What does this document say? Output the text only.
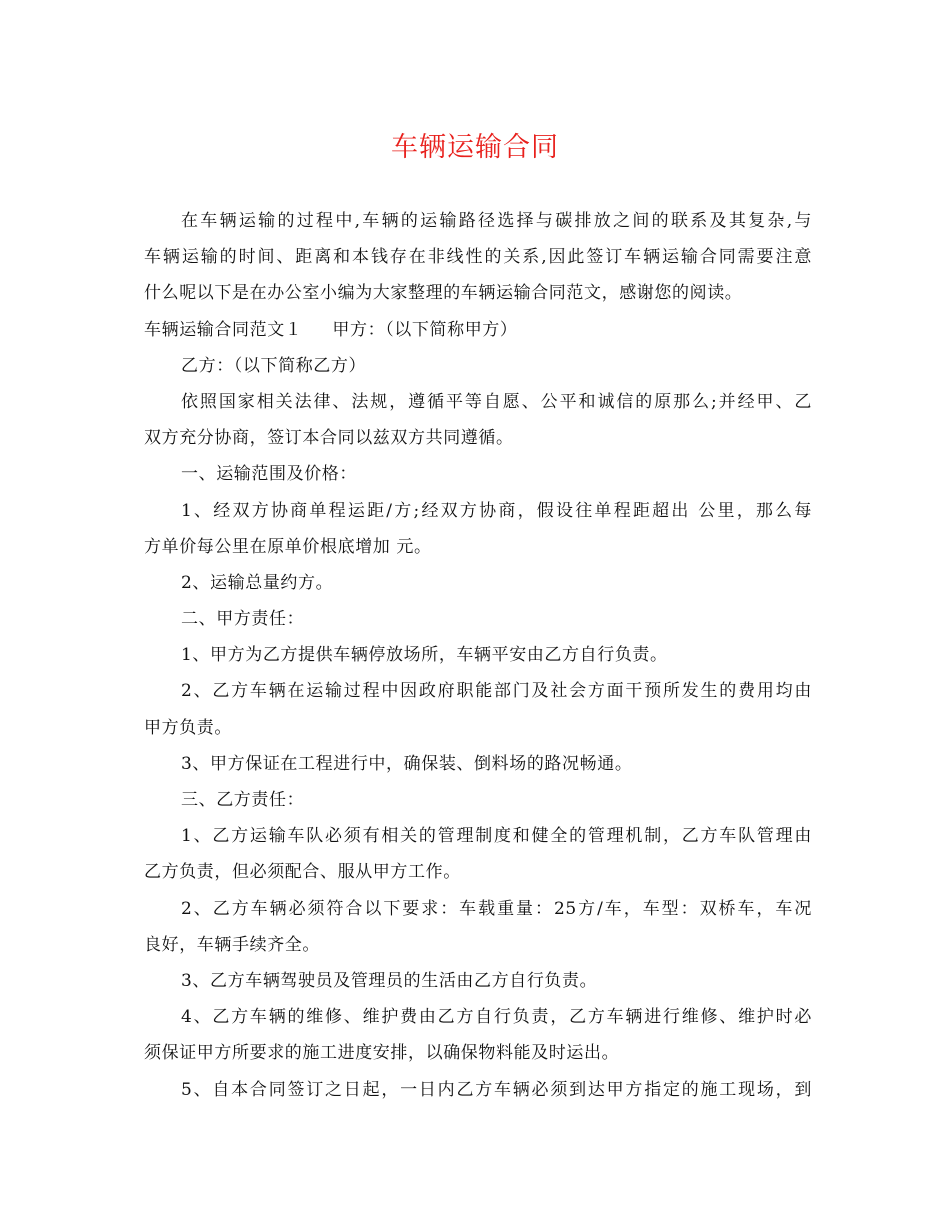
车辆运输合同
在车辆运输的过程中,车辆的运输路径选择与碳排放之间的联系及其复杂,与
车辆运输的时间、距离和本钱存在非线性的关系,因此签订车辆运输合同需要注意
什么呢以下是在办公室小编为大家整理的车辆运输合同范文，感谢您的阅读。
车辆运输合同范文１ 甲方：（以下简称甲方）
乙方：（以下简称乙方）
依照国家相关法律、法规，遵循平等自愿、公平和诚信的原那么;并经甲、乙
双方充分协商，签订本合同以兹双方共同遵循。
一、运输范围及价格：
1、经双方协商单程运距/方;经双方协商，假设往单程距超出 公里，那么每
方单价每公里在原单价根底增加 元。
2、运输总量约方。
二、甲方责任：
1、甲方为乙方提供车辆停放场所，车辆平安由乙方自行负责。
2、乙方车辆在运输过程中因政府职能部门及社会方面干预所发生的费用均由
甲方负责。
3、甲方保证在工程进行中，确保装、倒料场的路况畅通。
三、乙方责任：
1、乙方运输车队必须有相关的管理制度和健全的管理机制，乙方车队管理由
乙方负责，但必须配合、服从甲方工作。
2、乙方车辆必须符合以下要求：车载重量：25方/车，车型：双桥车，车况
良好，车辆手续齐全。
3、乙方车辆驾驶员及管理员的生活由乙方自行负责。
4、乙方车辆的维修、维护费由乙方自行负责，乙方车辆进行维修、维护时必
须保证甲方所要求的施工进度安排，以确保物料能及时运出。
5、自本合同签订之日起，一日内乙方车辆必须到达甲方指定的施工现场，到
